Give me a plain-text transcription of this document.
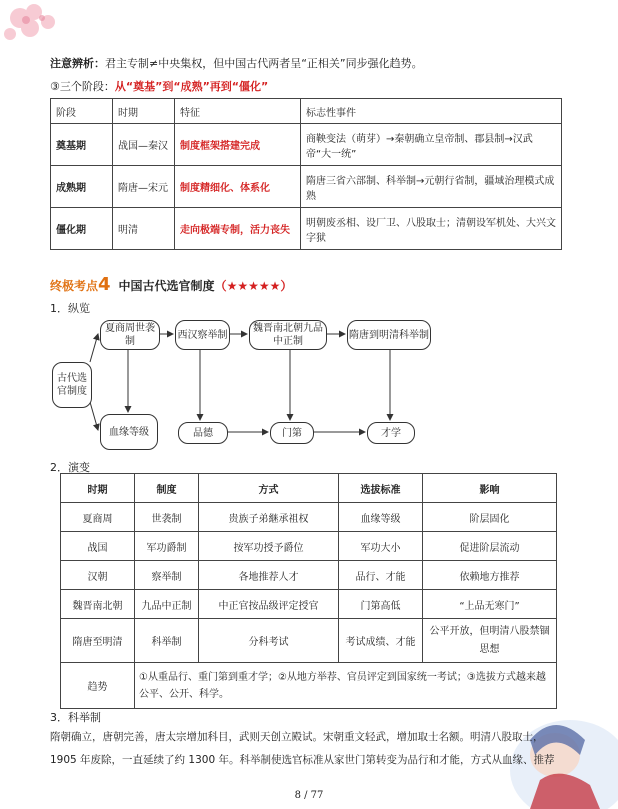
注意辨析：君主专制≠中央集权，但中国古代两者呈“正相关”同步强化趋势。
③三个阶段：从“奠基”到“成熟”再到“僵化”
阶段	时期	特征	标志性事件
奠基期	战国—秦汉	制度框架搭建完成	商鞅变法（萌芽）→秦朝确立皇帝制、郡县制→汉武帝“大一统”
成熟期	隋唐—宋元	制度精细化、体系化	隋唐三省六部制、科举制→元朝行省制，疆域治理模式成熟
僵化期	明清	走向极端专制，活力丧失	明朝废丞相、设厂卫、八股取士；清朝设军机处、大兴文字狱
终极考点4 中国古代选官制度（★★★★★）
1．纵览
古代选官制度
夏商周世袭制
西汉察举制
魏晋南北朝九品中正制
隋唐到明清科举制
血缘等级	品德	门第	才学
2．演变
时期	制度	方式	选拔标准	影响
夏商周	世袭制	贵族子弟継承祖权	血缘等级	阶层固化
战国	军功爵制	按军功授予爵位	军功大小	促进阶层流动
汉朝	察举制	各地推荐人才	品行、才能	依赖地方推荐
魏晋南北朝	九品中正制	中正官按品级评定授官	门第高低	“上品无寒门”
隋唐至明清	科举制	分科考试	考试成绩、才能	公平开放，但明清八股禁锢思想
趋势	①从重品行、重门第到重才学；②从地方举荐、官员评定到国家统一考试；③选拔方式越来越公平、公开、科学。			
3．科举制
隋朝确立，唐朝完善，唐太宗增加科目，武则天创立殿试。宋朝重文轻武，增加取士名额。明清八股取士，1905 年废除，一直延续了约 1300 年。科举制使选官标准从家世门第转变为品行和才能，方式从血缘、推荐
8 / 77
